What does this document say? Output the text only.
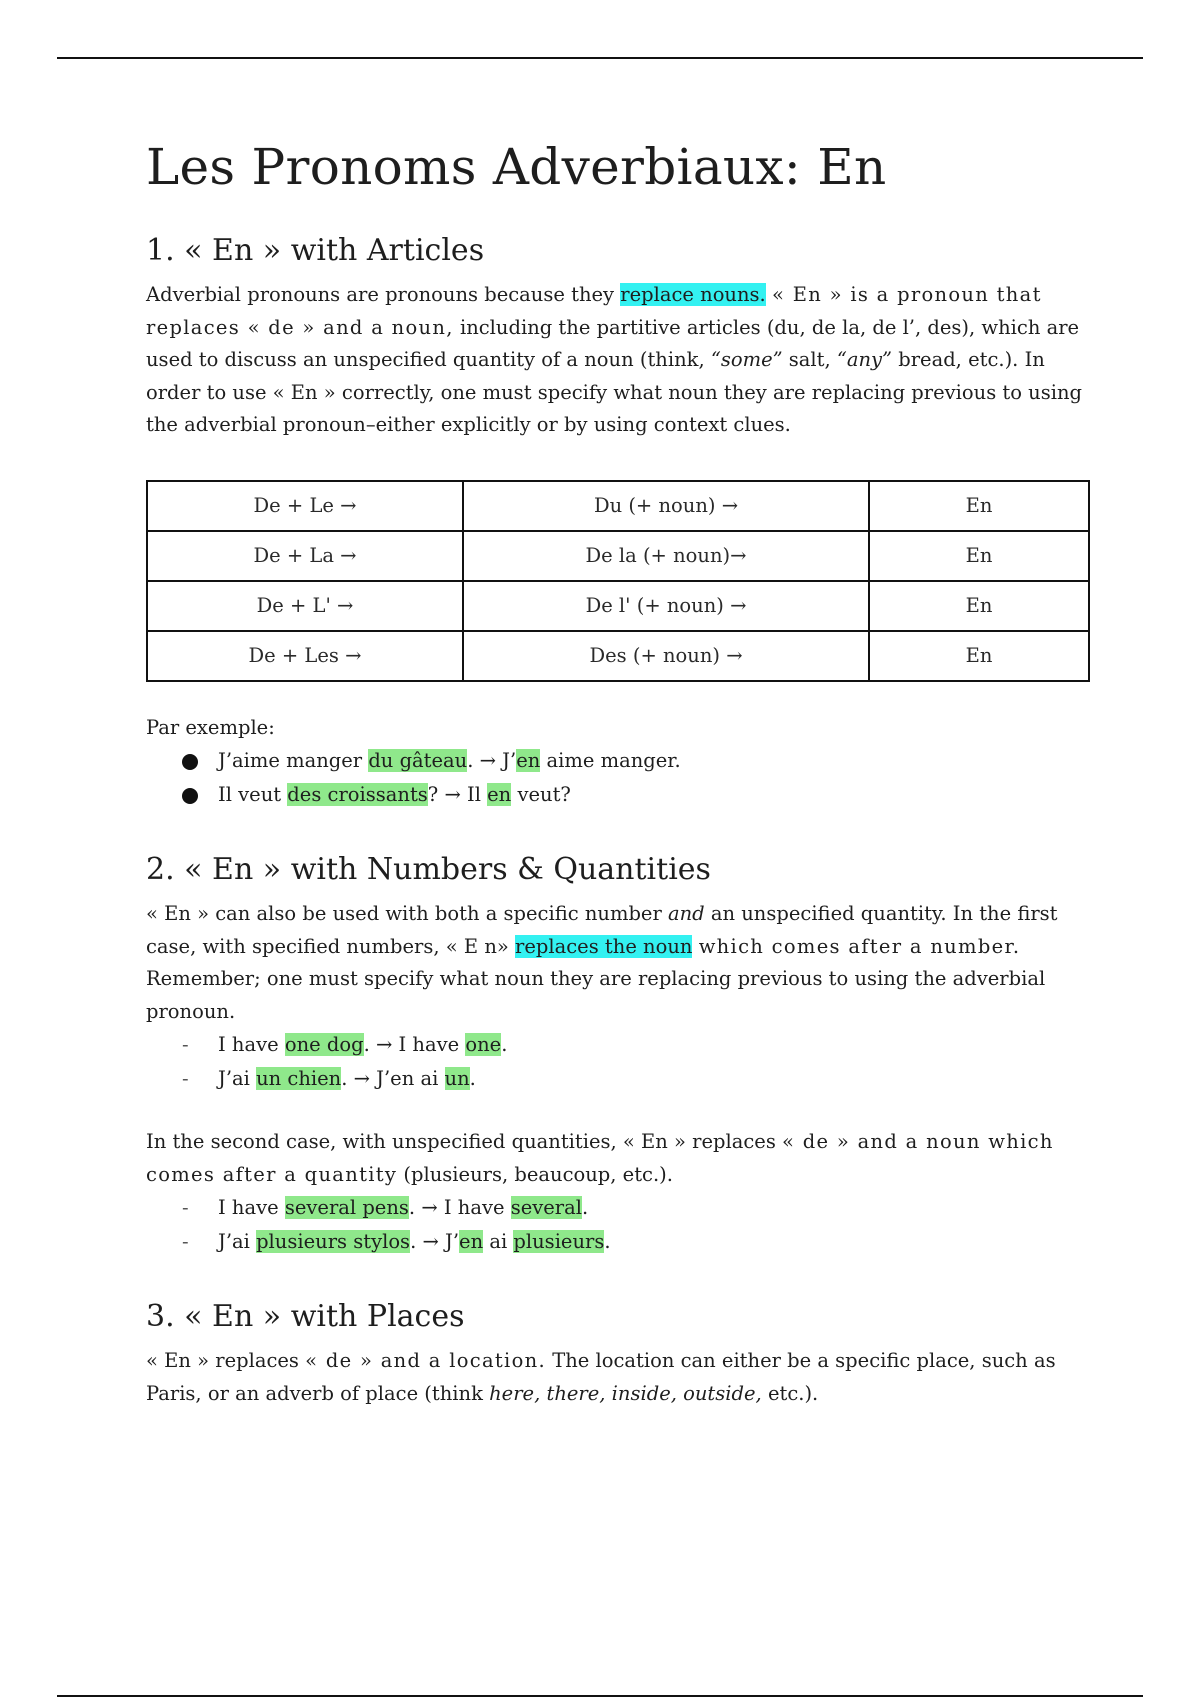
Les Pronoms Adverbiaux: En
1. « En » with Articles

Adverbial pronouns are pronouns because they replace nouns. « En » is a pronoun that replaces « de » and a noun, including the partitive articles (du, de la, de l’, des), which are used to discuss an unspecified quantity of a noun (think, “some” salt, “any” bread, etc.). In order to use « En » correctly, one must specify what noun they are replacing previous to using the adverbial pronoun–either explicitly or by using context clues.

De + Le →	Du (+ noun) →	En
De + La →	De la (+ noun)→	En
De + L' →	De l' (+ noun) →	En
De + Les →	Des (+ noun) →	En

Par exemple:

J’aime manger du gâteau. → J’en aime manger.
Il veut des croissants? → Il en veut?
2. « En » with Numbers & Quantities

« En » can also be used with both a specific number and an unspecified quantity. In the first case, with specified numbers, « E n» replaces the noun which comes after a number. Remember; one must specify what noun they are replacing previous to using the adverbial pronoun.

- I have one dog. → I have one.
- J’ai un chien. → J’en ai un.

In the second case, with unspecified quantities, « En » replaces « de » and a noun which comes after a quantity (plusieurs, beaucoup, etc.).

- I have several pens. → I have several.
- J’ai plusieurs stylos. → J’en ai plusieurs.
3. « En » with Places

« En » replaces « de » and a location. The location can either be a specific place, such as Paris, or an adverb of place (think here, there, inside, outside, etc.).
